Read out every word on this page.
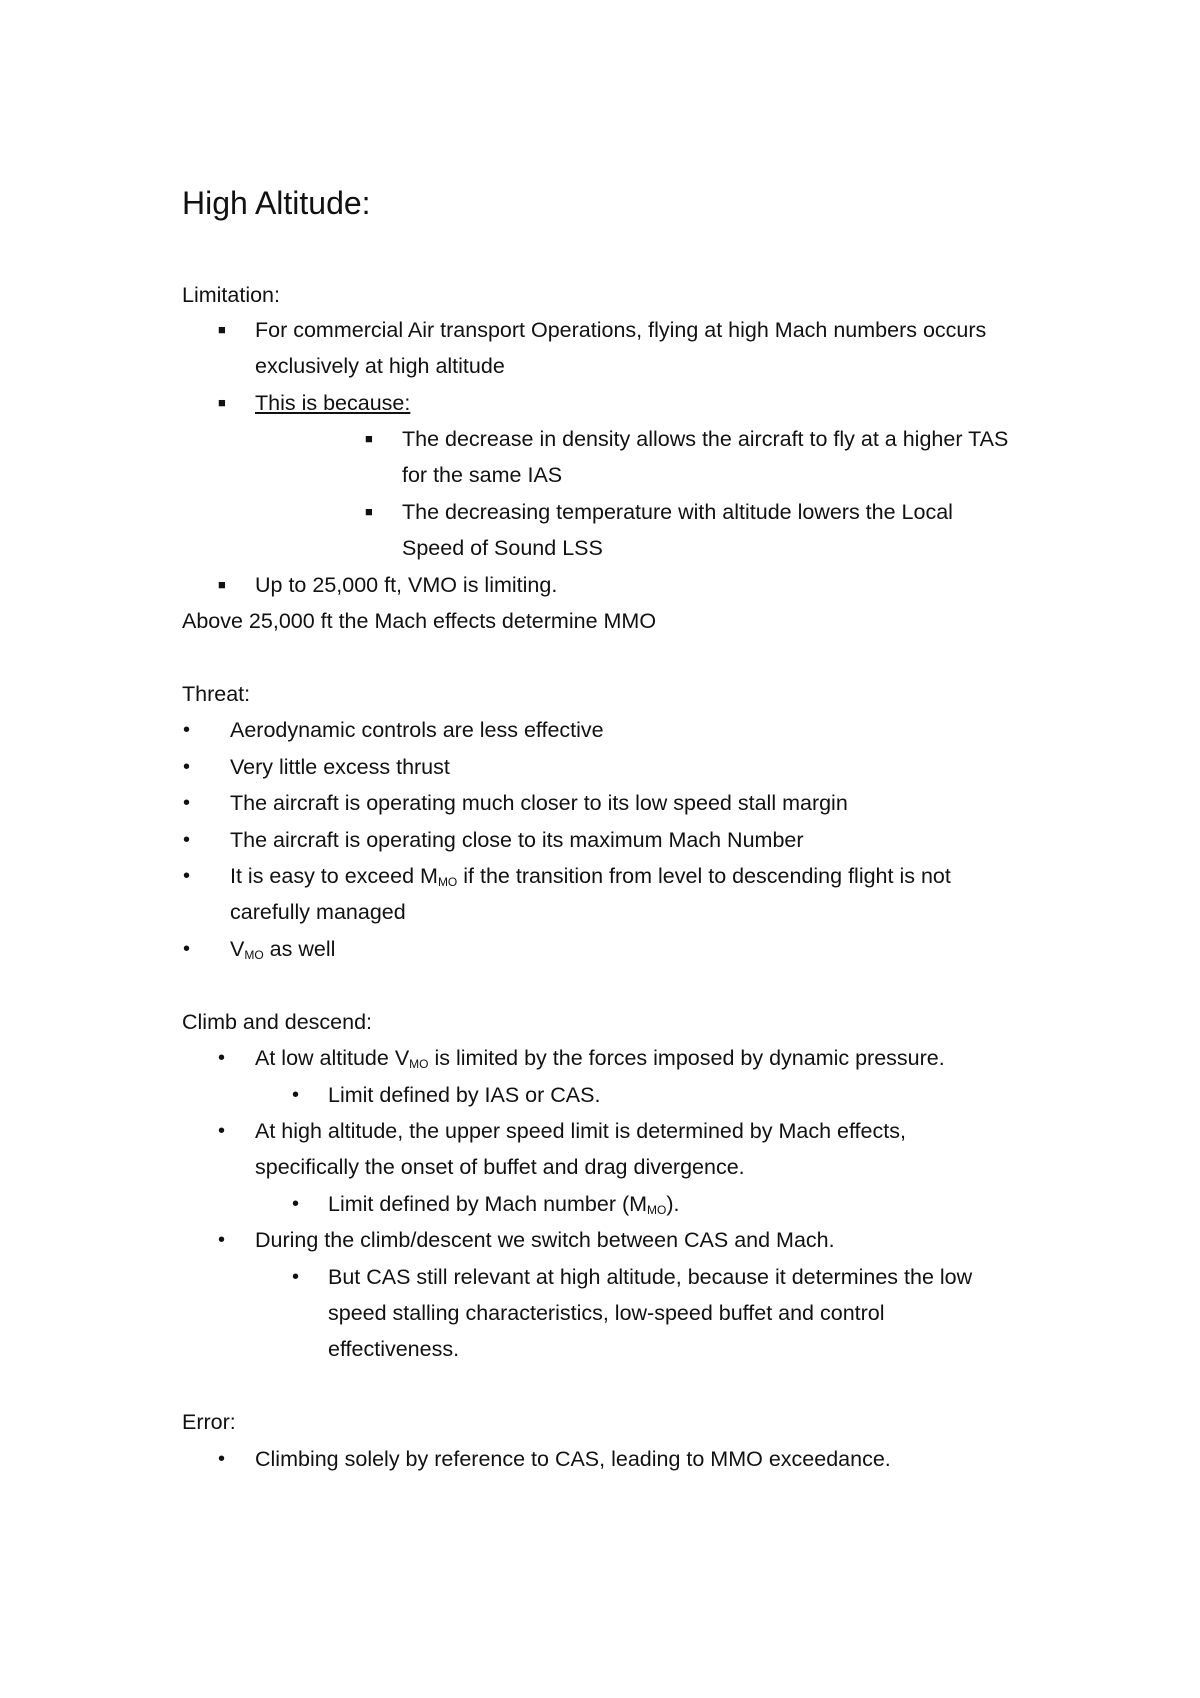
High Altitude:
Limitation:
■ For commercial Air transport Operations, flying at high Mach numbers occurs
exclusively at high altitude
■ This is because:
■ The decrease in density allows the aircraft to fly at a higher TAS
for the same IAS
■ The decreasing temperature with altitude lowers the Local
Speed of Sound LSS
■ Up to 25,000 ft, VMO is limiting.
Above 25,000 ft the Mach effects determine MMO
Threat:
• Aerodynamic controls are less effective
• Very little excess thrust
• The aircraft is operating much closer to its low speed stall margin
• The aircraft is operating close to its maximum Mach Number
• It is easy to exceed $M_{MO}$ if the transition from level to descending flight is not
carefully managed
• $V_{MO}$ as well
Climb and descend:
• At low altitude $V_{MO}$ is limited by the forces imposed by dynamic pressure.
• Limit defined by IAS or CAS.
• At high altitude, the upper speed limit is determined by Mach effects,
specifically the onset of buffet and drag divergence.
• Limit defined by Mach number $(M_{MO})$.
• During the climb/descent we switch between CAS and Mach.
• But CAS still relevant at high altitude, because it determines the low
speed stalling characteristics, low-speed buffet and control
effectiveness.
Error:
• Climbing solely by reference to CAS, leading to MMO exceedance.
